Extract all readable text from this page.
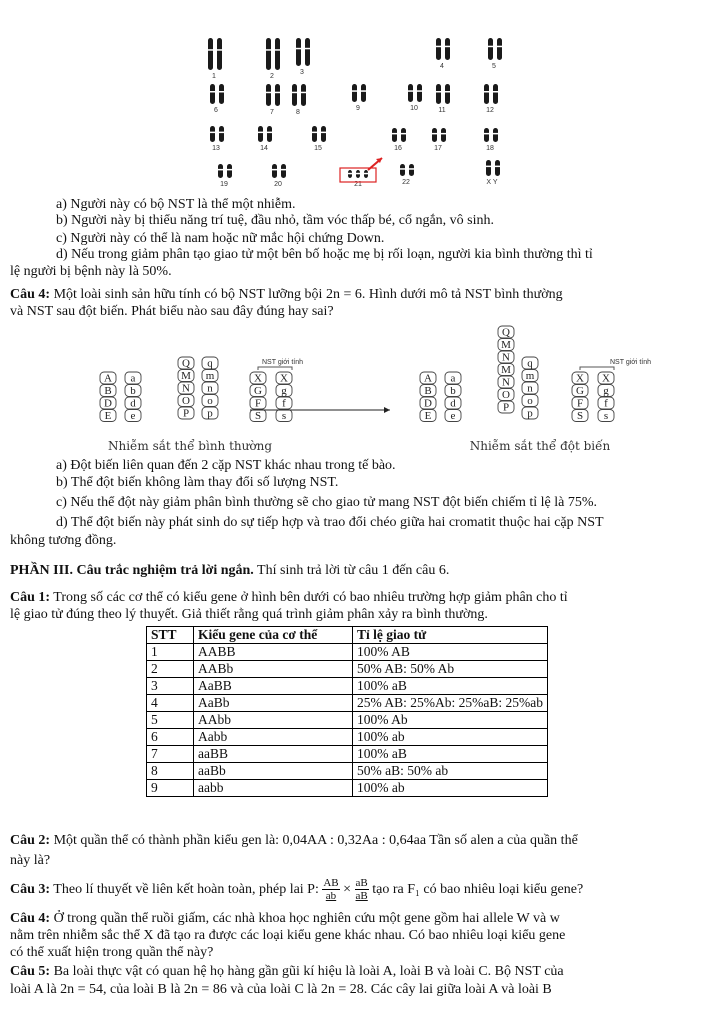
1	2
3
4	5
6	7	8
9	10	11	12
13	14	15	16	17	18
19	20	21	22	X Y
a) Người này có bộ NST là thể một nhiễm.
b) Người này bị thiểu năng trí tuệ, đầu nhỏ, tầm vóc thấp bé, cổ ngắn, vô sinh.
c) Người này có thể là nam hoặc nữ mắc hội chứng Down.
d) Nếu trong giảm phân tạo giao tử một bên bố hoặc mẹ bị rối loạn, người kia bình thường thì tỉ
lệ người bị bệnh này là 50%.
Câu 4: Một loài sinh sản hữu tính có bộ NST lưỡng bội 2n = 6. Hình dưới mô tả NST bình thường
và NST sau đột biến. Phát biểu nào sau đây đúng hay sai?
A
B
D
E
a
b
d
e
Q
M
N
O
P
q
m
n
o
p
X
G
F
S
X
g
f
s
A
B
D
E
a
b
d
e
Q
M
N
M
N
O
P
q
m
n
o
p
X
G
F
S
X
g
f
s
Nhiễm sắt thể bình thường	Nhiễm sắt thể đột biến
NST giới tính	NST giới tính
a) Đột biến liên quan đến 2 cặp NST khác nhau trong tế bào.
b) Thể đột biến không làm thay đổi số lượng NST.
c) Nếu thể đột này giảm phân bình thường sẽ cho giao tử mang NST đột biến chiếm tỉ lệ là 75%.
d) Thể đột biến này phát sinh do sự tiếp hợp và trao đổi chéo giữa hai cromatit thuộc hai cặp NST
không tương đồng.
PHẦN III. Câu trắc nghiệm trả lời ngắn. Thí sinh trả lời từ câu 1 đến câu 6.
Câu 1: Trong số các cơ thể có kiểu gene ở hình bên dưới có bao nhiêu trường hợp giảm phân cho tỉ
lệ giao tử đúng theo lý thuyết. Giả thiết rằng quá trình giảm phân xảy ra bình thường.
STT	Kiểu gene của cơ thể	Tỉ lệ giao tử
1	AABB	100% AB
2	AABb	50% AB: 50% Ab
3	AaBB	100% aB
4	AaBb	25% AB: 25%Ab: 25%aB: 25%ab
5	AAbb	100% Ab
6	Aabb	100% ab
7	aaBB	100% aB
8	aaBb	50% aB: 50% ab
9	aabb	100% ab
Câu 2: Một quần thể có thành phần kiểu gen là: 0,04AA : 0,32Aa : 0,64aa Tần số alen a của quần thể
này là?
Câu 3: Theo lí thuyết về liên kết hoàn toàn, phép lai P: $\frac{AB}{ab} \times \frac{aB}{aB}$ tạo ra F₁ có bao nhiêu loại kiểu gene?
Câu 4: Ở trong quần thể ruồi giấm, các nhà khoa học nghiên cứu một gene gồm hai allele W và w
nằm trên nhiễm sắc thể X đã tạo ra được các loại kiểu gene khác nhau. Có bao nhiêu loại kiểu gene
có thể xuất hiện trong quần thể này?
Câu 5: Ba loài thực vật có quan hệ họ hàng gần gũi kí hiệu là loài A, loài B và loài C. Bộ NST của
loài A là 2n = 54, của loài B là 2n = 86 và của loài C là 2n = 28. Các cây lai giữa loài A và loài B
